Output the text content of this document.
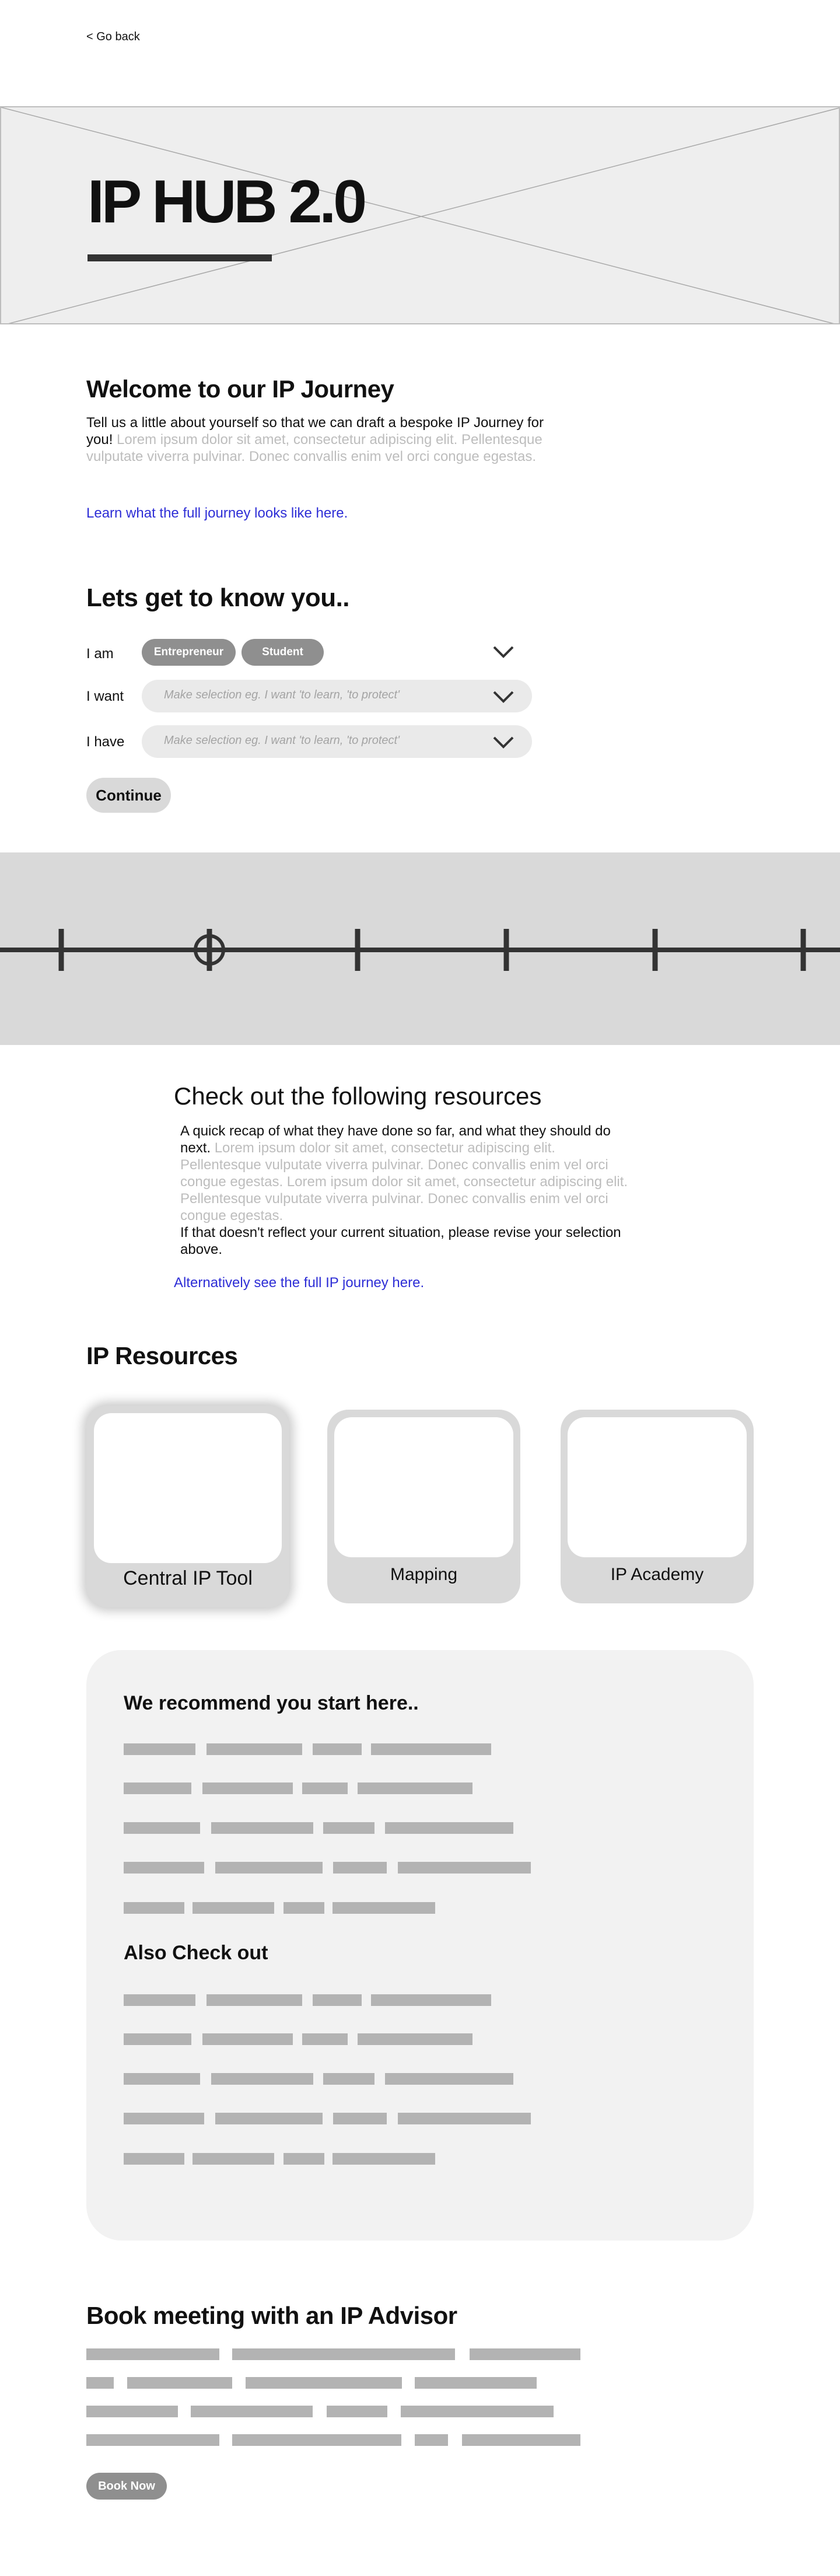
< Go back
IP HUB 2.0
Welcome to our IP Journey
Tell us a little about yourself so that we can draft a bespoke IP Journey for you! Lorem ipsum dolor sit amet, consectetur adipiscing elit. Pellentesque vulputate viverra pulvinar. Donec convallis enim vel orci congue egestas.
Learn what the full journey looks like here.
Lets get to know you..
I am	Entrepreneur	Student
I want	Make selection eg. I want 'to learn, 'to protect'
I have	Make selection eg. I want 'to learn, 'to protect'
Continue
Check out the following resources
A quick recap of what they have done so far, and what they should do next. Lorem ipsum dolor sit amet, consectetur adipiscing elit. Pellentesque vulputate viverra pulvinar. Donec convallis enim vel orci congue egestas. Lorem ipsum dolor sit amet, consectetur adipiscing elit. Pellentesque vulputate viverra pulvinar. Donec convallis enim vel orci congue egestas.
If that doesn't reflect your current situation, please revise your selection above.
Alternatively see the full IP journey here.
IP Resources
Central IP Tool	Mapping	IP Academy
We recommend you start here..
Also Check out
Book meeting with an IP Advisor
Book Now
